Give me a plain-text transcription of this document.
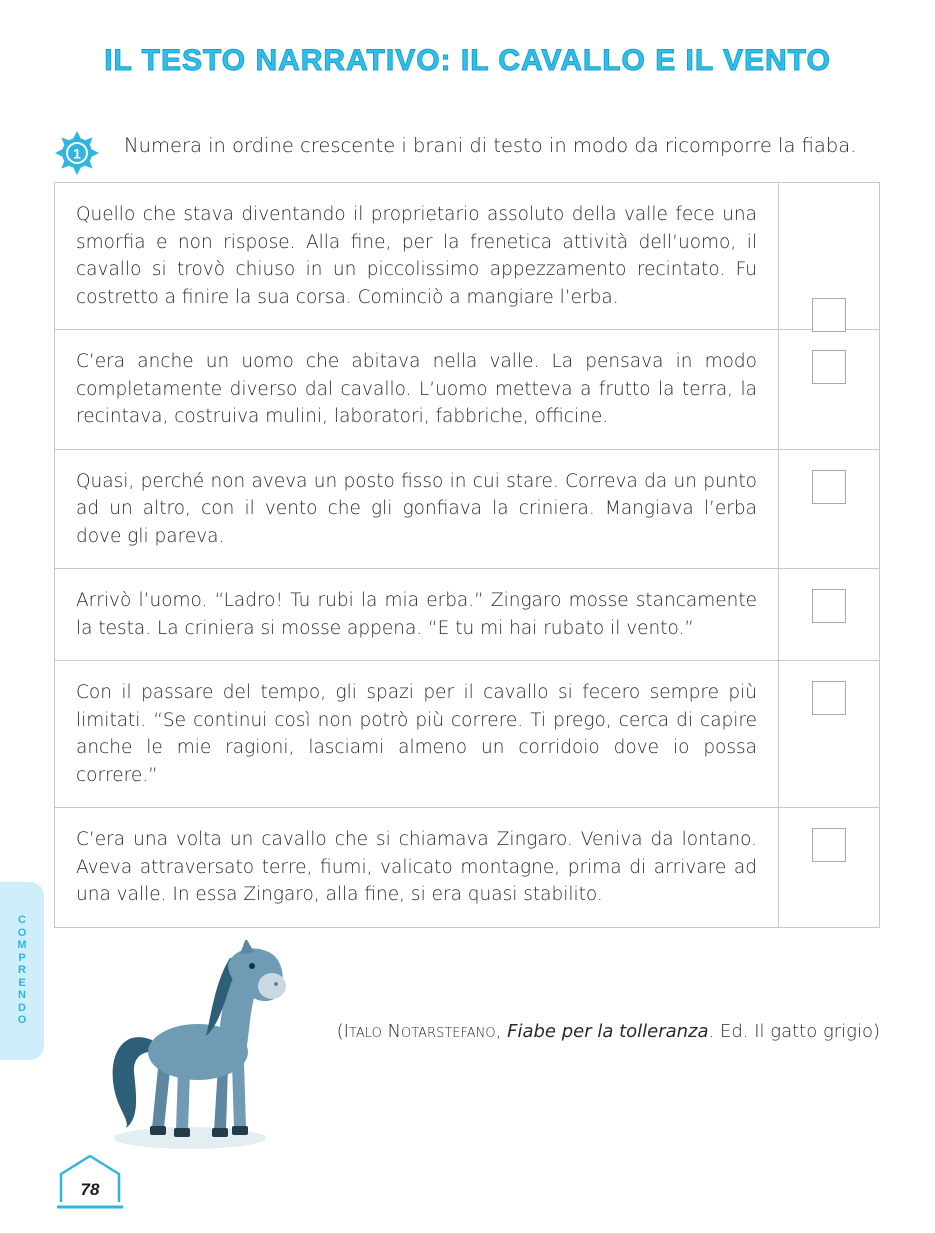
IL TESTO NARRATIVO: IL CAVALLO E IL VENTO
1 Numera in ordine crescente i brani di testo in modo da ricomporre la fiaba.
Quello che stava diventando il proprietario assoluto della valle fece una smorfia e non rispose. Alla fine, per la frenetica attività dell’uomo, il cavallo si trovò chiuso in un piccolissimo appezzamento recintato. Fu costretto a finire la sua corsa. Cominciò a mangiare l’erba.	

C’era anche un uomo che abitava nella valle. La pensava in modo completamente diverso dal cavallo. L’uomo metteva a frutto la terra, la recintava, costruiva mulini, laboratori, fabbriche, officine.	

Quasi, perché non aveva un posto fisso in cui stare. Correva da un punto ad un altro, con il vento che gli gonfiava la criniera. Mangiava l’erba dove gli pareva.	

Arrivò l’uomo. “Ladro! Tu rubi la mia erba.” Zingaro mosse stancamente la testa. La criniera si mosse appena. “E tu mi hai rubato il vento.”	

Con il passare del tempo, gli spazi per il cavallo si fecero sempre più limitati. “Se continui così non potrò più correre. Ti prego, cerca di capire anche le mie ragioni, lasciami almeno un corridoio dove io possa correre.”	

C’era una volta un cavallo che si chiamava Zingaro. Veniva da lontano. Aveva attraversato terre, fiumi, valicato montagne, prima di arrivare ad una valle. In essa Zingaro, alla fine, si era quasi stabilito.	
(Italo Notarstefano, Fiabe per la tolleranza. Ed. Il gatto grigio)
COMPRENDO
78
